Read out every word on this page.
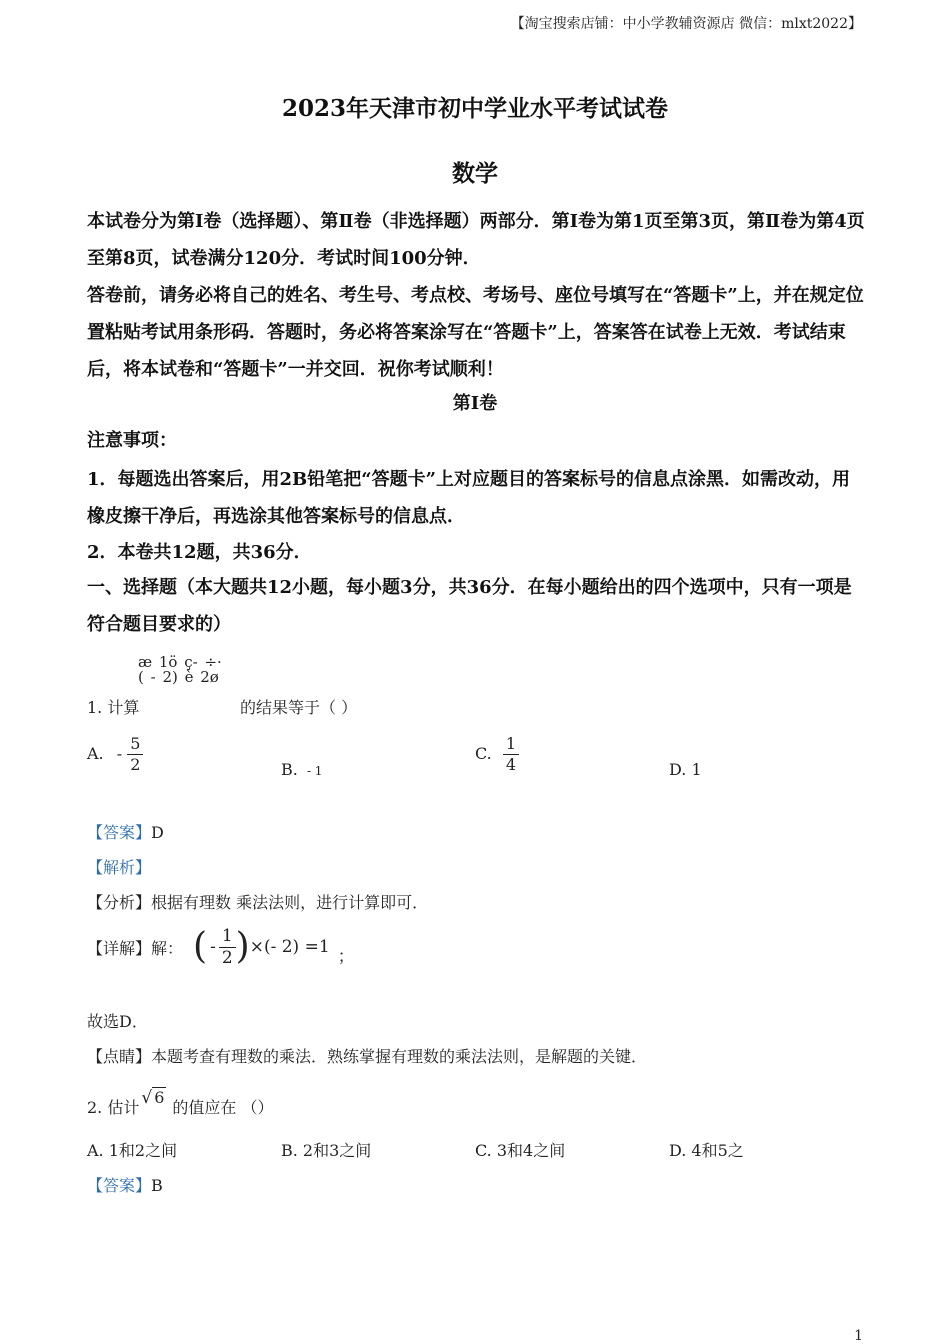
【淘宝搜索店铺：中小学教辅资源店 微信：mlxt2022】
2023年天津市初中学业水平考试试卷
数学
本试卷分为第Ⅰ卷（选择题）、第Ⅱ卷（非选择题）两部分．第Ⅰ卷为第1页至第3页，第Ⅱ卷为第4页至第8页，试卷满分120分．考试时间100分钟．
答卷前，请务必将自己的姓名、考生号、考点校、考场号、座位号填写在“答题卡”上，并在规定位置粘贴考试用条形码．答题时，务必将答案涂写在“答题卡”上，答案答在试卷上无效．考试结束后，将本试卷和“答题卡”一并交回．祝你考试顺利！
第Ⅰ卷
注意事项：
1．每题选出答案后，用2B铅笔把“答题卡”上对应题目的答案标号的信息点涂黑．如需改动，用橡皮擦干净后，再选涂其他答案标号的信息点．
2．本卷共12题，共36分．
一、选择题（本大题共12小题，每小题3分，共36分．在每小题给出的四个选项中，只有一项是符合题目要求的）
1. 计算
æ 1ö ç- ÷· ( - 2) è 2ø
的结果等于（ ）
A. - $\frac{5}{2}$	B. - 1
C. $\frac{1}{4}$	D. 1
【答案】D
【解析】
【分析】根据有理数 乘法法则，进行计算即可．
【详解】 解： ( - $\frac{1}{2}$ ) ×(- 2) =1 ；
故选D．
【点睛】本题考查有理数的乘法．熟练掌握有理数的乘法法则，是解题的关键．
2. 估计 √ 6
的值应在 （）
A. 1和2之间	B. 2和3之间	C. 3和4之间	D. 4和5之
【答案】B
1
